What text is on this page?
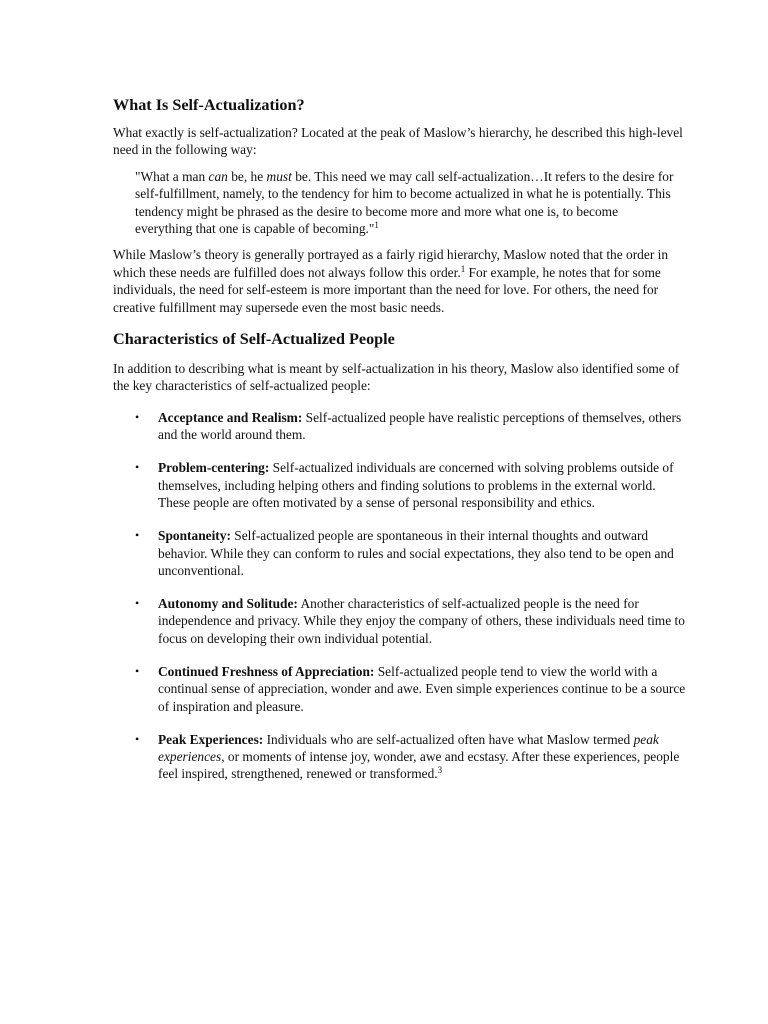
What Is Self-Actualization?

What exactly is self-actualization? Located at the peak of Maslow’s hierarchy, he described this high-level need in the following way:

"What a man can be, he must be. This need we may call self-actualization…It refers to the desire for self-fulfillment, namely, to the tendency for him to become actualized in what he is potentially. This tendency might be phrased as the desire to become more and more what one is, to become everything that one is capable of becoming."$^1$

While Maslow’s theory is generally portrayed as a fairly rigid hierarchy, Maslow noted that the order in which these needs are fulfilled does not always follow this order.$^1$ For example, he notes that for some individuals, the need for self-esteem is more important than the need for love. For others, the need for creative fulfillment may supersede even the most basic needs.

Characteristics of Self-Actualized People

In addition to describing what is meant by self-actualization in his theory, Maslow also identified some of the key characteristics of self-actualized people:

• Acceptance and Realism: Self-actualized people have realistic perceptions of themselves, others and the world around them.
• Problem-centering: Self-actualized individuals are concerned with solving problems outside of themselves, including helping others and finding solutions to problems in the external world. These people are often motivated by a sense of personal responsibility and ethics.
• Spontaneity: Self-actualized people are spontaneous in their internal thoughts and outward behavior. While they can conform to rules and social expectations, they also tend to be open and unconventional.
• Autonomy and Solitude: Another characteristics of self-actualized people is the need for independence and privacy. While they enjoy the company of others, these individuals need time to focus on developing their own individual potential.
• Continued Freshness of Appreciation: Self-actualized people tend to view the world with a continual sense of appreciation, wonder and awe. Even simple experiences continue to be a source of inspiration and pleasure.
• Peak Experiences: Individuals who are self-actualized often have what Maslow termed peak experiences, or moments of intense joy, wonder, awe and ecstasy. After these experiences, people feel inspired, strengthened, renewed or transformed.$^3$
